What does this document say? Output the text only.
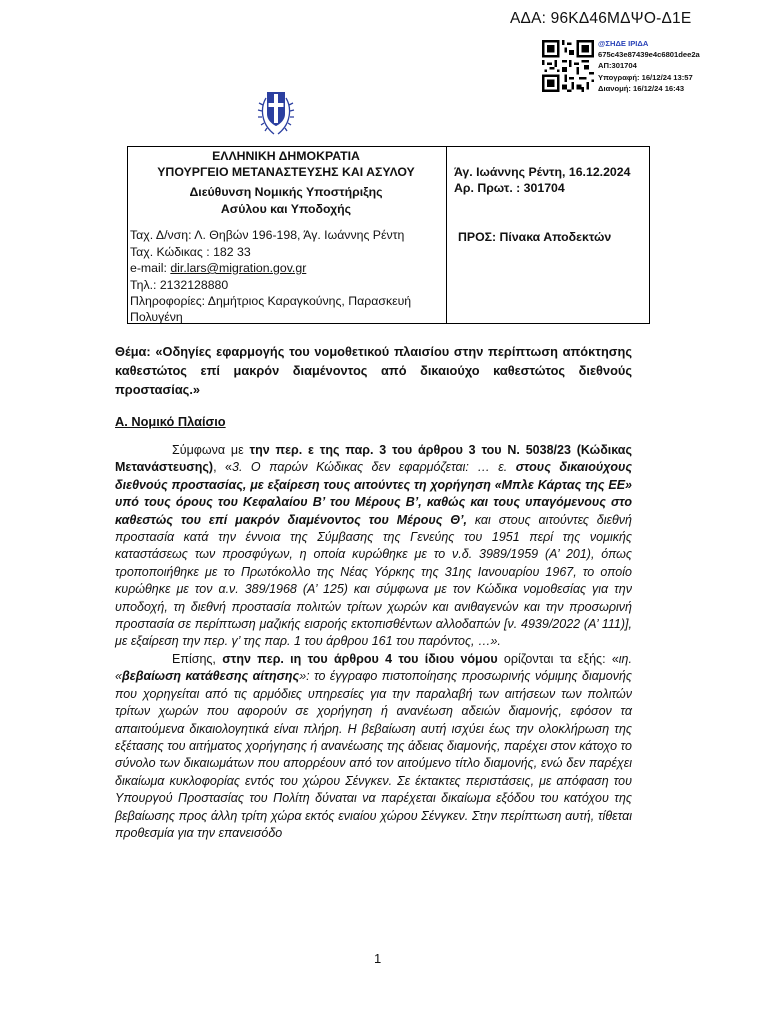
ΑΔΑ: 96ΚΔ46ΜΔΨΟ-Δ1Ε
@ΣΗΔΕ ΙΡΙΔΑ
675c43e87439e4c6801dee2a
ΑΠ:301704
Υπογραφή: 16/12/24 13:57
Διανομή: 16/12/24 16:43
ΕΛΛΗΝΙΚΗ ΔΗΜΟΚΡΑΤΙΑ
ΥΠΟΥΡΓΕΙΟ ΜΕΤΑΝΑΣΤΕΥΣΗΣ ΚΑΙ ΑΣΥΛΟΥ
Διεύθυνση Νομικής Υποστήριξης
Ασύλου και Υποδοχής
Ταχ. Δ/νση: Λ. Θηβών 196-198, Άγ. Ιωάννης Ρέντη
Ταχ. Κώδικας : 182 33
e-mail: dir.lars@migration.gov.gr
Τηλ.: 2132128880
Πληροφορίες: Δημήτριος Καραγκούνης, Παρασκευή
Πολυγένη
Άγ. Ιωάννης Ρέντη, 16.12.2024
Αρ. Πρωτ. : 301704
ΠΡΟΣ: Πίνακα Αποδεκτών
Θέμα: «Οδηγίες εφαρμογής του νομοθετικού πλαισίου στην περίπτωση απόκτησης καθεστώτος επί μακρόν διαμένοντος από δικαιούχο καθεστώτος διεθνούς προστασίας.»
Α. Νομικό Πλαίσιο

Σύμφωνα με την περ. ε της παρ. 3 του άρθρου 3 του Ν. 5038/23 (Κώδικας Μετανάστευσης), «3. Ο παρών Κώδικας δεν εφαρμόζεται: … ε. στους δικαιούχους διεθνούς προστασίας, με εξαίρεση τους αιτούντες τη χορήγηση «Μπλε Κάρτας της ΕΕ» υπό τους όρους του Κεφαλαίου Β’ του Μέρους Β’, καθώς και τους υπαγόμενους στο καθεστώς του επί μακρόν διαμένοντος του Μέρους Θ’, και στους αιτούντες διεθνή προστασία κατά την έννοια της Σύμβασης της Γενεύης του 1951 περί της νομικής καταστάσεως των προσφύγων, η οποία κυρώθηκε με το ν.δ. 3989/1959 (Α’ 201), όπως τροποποιήθηκε με το Πρωτόκολλο της Νέας Υόρκης της 31ης Ιανουαρίου 1967, το οποίο κυρώθηκε με τον α.ν. 389/1968 (Α’ 125) και σύμφωνα με τον Κώδικα νομοθεσίας για την υποδοχή, τη διεθνή προστασία πολιτών τρίτων χωρών και ανιθαγενών και την προσωρινή προστασία σε περίπτωση μαζικής εισροής εκτοπισθέντων αλλοδαπών [ν. 4939/2022 (Α’ 111)], με εξαίρεση την περ. γ’ της παρ. 1 του άρθρου 161 του παρόντος, …».

Επίσης, στην περ. ιη του άρθρου 4 του ίδιου νόμου ορίζονται τα εξής: «ιη. «βεβαίωση κατάθεσης αίτησης»: το έγγραφο πιστοποίησης προσωρινής νόμιμης διαμονής που χορηγείται από τις αρμόδιες υπηρεσίες για την παραλαβή των αιτήσεων των πολιτών τρίτων χωρών που αφορούν σε χορήγηση ή ανανέωση αδειών διαμονής, εφόσον τα απαιτούμενα δικαιολογητικά είναι πλήρη. Η βεβαίωση αυτή ισχύει έως την ολοκλήρωση της εξέτασης του αιτήματος χορήγησης ή ανανέωσης της άδειας διαμονής, παρέχει στον κάτοχο το σύνολο των δικαιωμάτων που απορρέουν από τον αιτούμενο τίτλο διαμονής, ενώ δεν παρέχει δικαίωμα κυκλοφορίας εντός του χώρου Σένγκεν. Σε έκτακτες περιστάσεις, με απόφαση του Υπουργού Προστασίας του Πολίτη δύναται να παρέχεται δικαίωμα εξόδου του κατόχου της βεβαίωσης προς άλλη τρίτη χώρα εκτός ενιαίου χώρου Σένγκεν. Στην περίπτωση αυτή, τίθεται προθεσμία για την επανεισόδο

1
